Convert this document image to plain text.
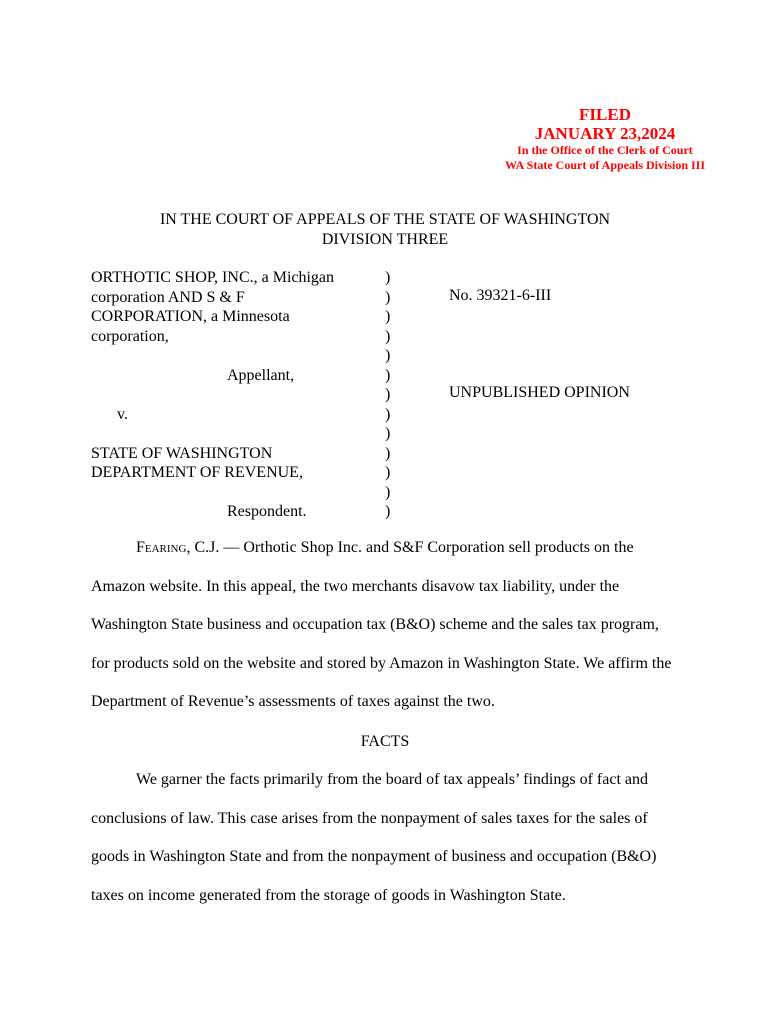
FILED
JANUARY 23,2024
In the Office of the Clerk of Court
WA State Court of Appeals Division III
IN THE COURT OF APPEALS OF THE STATE OF WASHINGTON
DIVISION THREE
ORTHOTIC SHOP, INC., a Michigan
corporation AND S & F
CORPORATION, a Minnesota
corporation,

Appellant,

v.

STATE OF WASHINGTON
DEPARTMENT OF REVENUE,

Respondent.
)
)
)
)
)
)
)
)
)
)
)
)
)
No. 39321-6-III
UNPUBLISHED OPINION

Fearing, C.J. — Orthotic Shop Inc. and S&F Corporation sell products on the Amazon website. In this appeal, the two merchants disavow tax liability, under the Washington State business and occupation tax (B&O) scheme and the sales tax program, for products sold on the website and stored by Amazon in Washington State. We affirm the Department of Revenue’s assessments of taxes against the two.

FACTS

We garner the facts primarily from the board of tax appeals’ findings of fact and conclusions of law. This case arises from the nonpayment of sales taxes for the sales of goods in Washington State and from the nonpayment of business and occupation (B&O) taxes on income generated from the storage of goods in Washington State.
